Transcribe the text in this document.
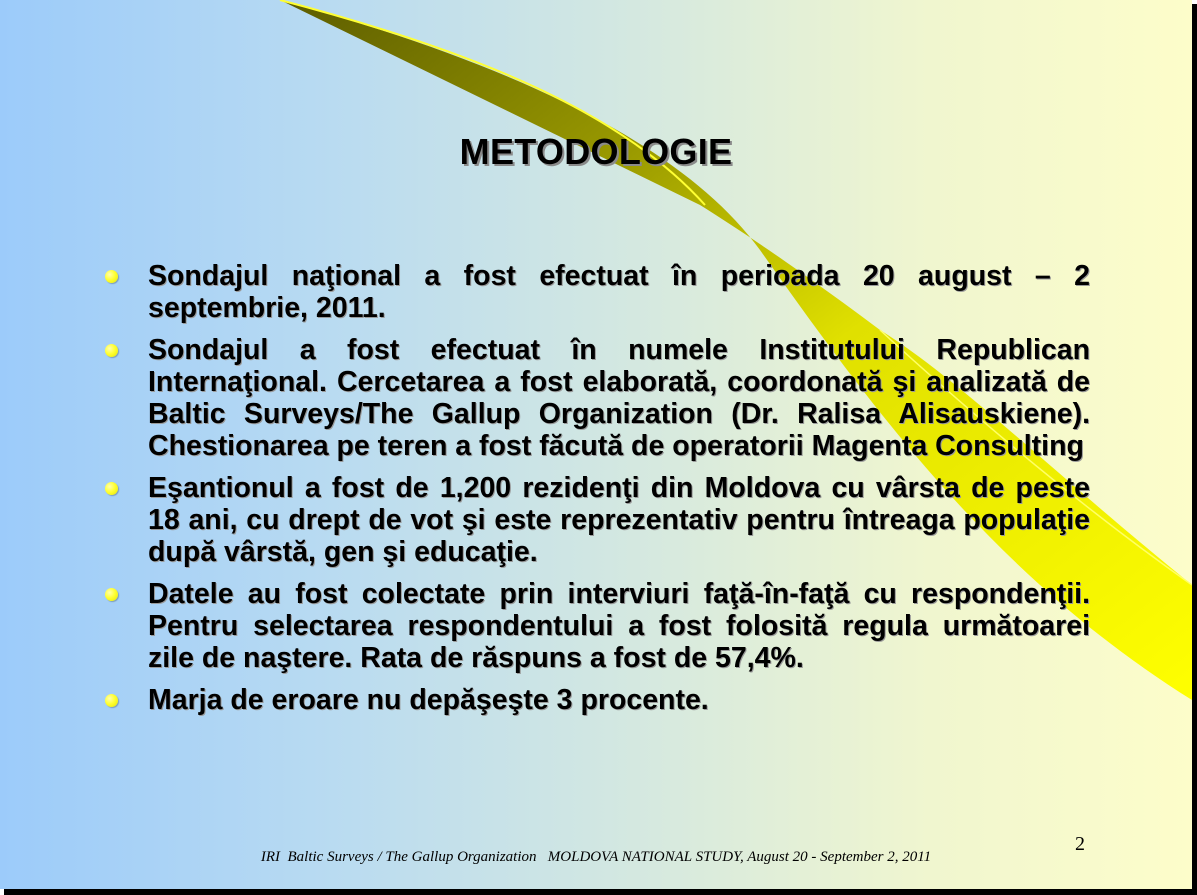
METODOLOGIE
Sondajul naţional a fost efectuat în perioada 20 august – 2 septembrie, 2011.
Sondajul a fost efectuat în numele Institutului Republican Internaţional. Cercetarea a fost elaborată, coordonată şi analizată de Baltic Surveys/The Gallup Organization (Dr. Ralisa Alisauskiene). Chestionarea pe teren a fost făcută de operatorii Magenta Consulting
Eşantionul a fost de 1,200 rezidenţi din Moldova cu vârsta de peste 18 ani, cu drept de vot şi este reprezentativ pentru întreaga populaţie după vârstă, gen şi educaţie.
Datele au fost colectate prin interviuri faţă-în-faţă cu respondenţii. Pentru selectarea respondentului a fost folosită regula următoarei zile de naştere. Rata de răspuns a fost de 57,4%.
Marja de eroare nu depăşeşte 3 procente.
2
IRI  Baltic Surveys / The Gallup Organization   MOLDOVA NATIONAL STUDY, August 20 - September 2, 2011
